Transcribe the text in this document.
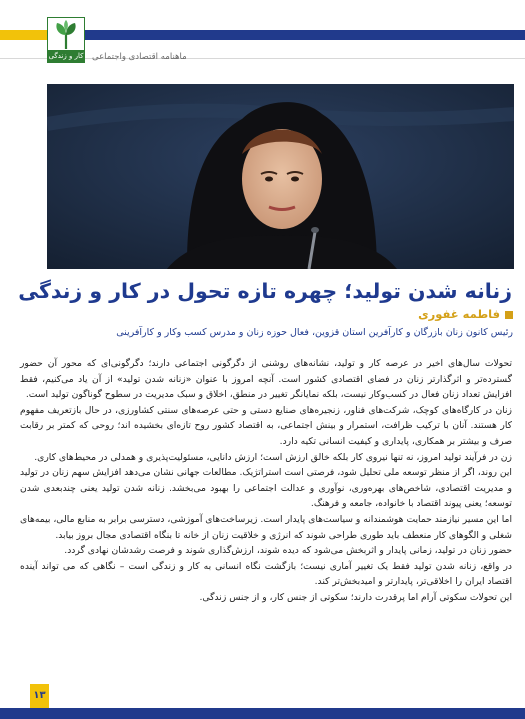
کار و زندگی ماهنامه اقتصادی واجتماعی
زنانه شدن تولید؛ چهره تازه تحول در کار و زندگی
فاطمه غفوری
رئیس کانون زنان بازرگان و کارآفرین استان قزوین، فعال حوزه زنان و مدرس کسب وکار و کارآفرینی

تحولات سال‌های اخیر در عرصه کار و تولید، نشانه‌های روشنی از دگرگونی اجتماعی دارند؛ دگرگونی‌ای که محور آن حضور گسترده‌تر و اثرگذارتر زنان در فضای اقتصادی کشور است. آنچه امروز با عنوان «زنانه شدن تولید» از آن یاد می‌کنیم، فقط افزایش تعداد زنان فعال در کسب‌وکار نیست، بلکه نمایانگر تغییر در منطق، اخلاق و سبک مدیریت در سطوح گوناگون تولید است.

زنان در کارگاه‌های کوچک، شرکت‌های فناور، زنجیره‌های صنایع دستی و حتی عرصه‌های سنتی کشاورزی، در حال بازتعریف مفهوم کار هستند. آنان با ترکیب ظرافت، استمرار و بینش اجتماعی، به اقتصاد کشور روح تازه‌ای بخشیده اند؛ روحی که کمتر بر رقابت صرف و بیشتر بر همکاری، پایداری و کیفیت انسانی تکیه دارد.

زن در فرآیند تولید امروز، نه تنها نیروی کار بلکه خالق ارزش است؛ ارزش دانایی، مسئولیت‌پذیری و همدلی در محیط‌های کاری.

این روند، اگر از منظر توسعه ملی تحلیل شود، فرصتی است استراتژیک. مطالعات جهانی نشان می‌دهد افزایش سهم زنان در تولید و مدیریت اقتصادی، شاخص‌های بهره‌وری، نوآوری و عدالت اجتماعی را بهبود می‌بخشد. زنانه شدن تولید یعنی چندبعدی شدن توسعه؛ یعنی پیوند اقتصاد با خانواده، جامعه و فرهنگ.

اما این مسیر نیازمند حمایت هوشمندانه و سیاست‌های پایدار است. زیرساخت‌های آموزشی، دسترسی برابر به منابع مالی، بیمه‌های شغلی و الگوهای کار منعطف باید طوری طراحی شوند که انرژی و خلاقیت زنان از خانه تا بنگاه اقتصادی مجال بروز بیابد.

حضور زنان در تولید، زمانی پایدار و اثربخش می‌شود که دیده شوند، ارزش‌گذاری شوند و فرصت رشدشان نهادی گردد.

در واقع، زنانه شدن تولید فقط یک تغییر آماری نیست؛ بازگشت نگاه انسانی به کار و زندگی است – نگاهی که می تواند آینده اقتصاد ایران را اخلاقی‌تر، پایدارتر و امیدبخش‌تر کند.

این تحولات سکوتی آرام اما پرقدرت دارند؛ سکوتی از جنس کار، و از جنس زندگی.

۱۳
